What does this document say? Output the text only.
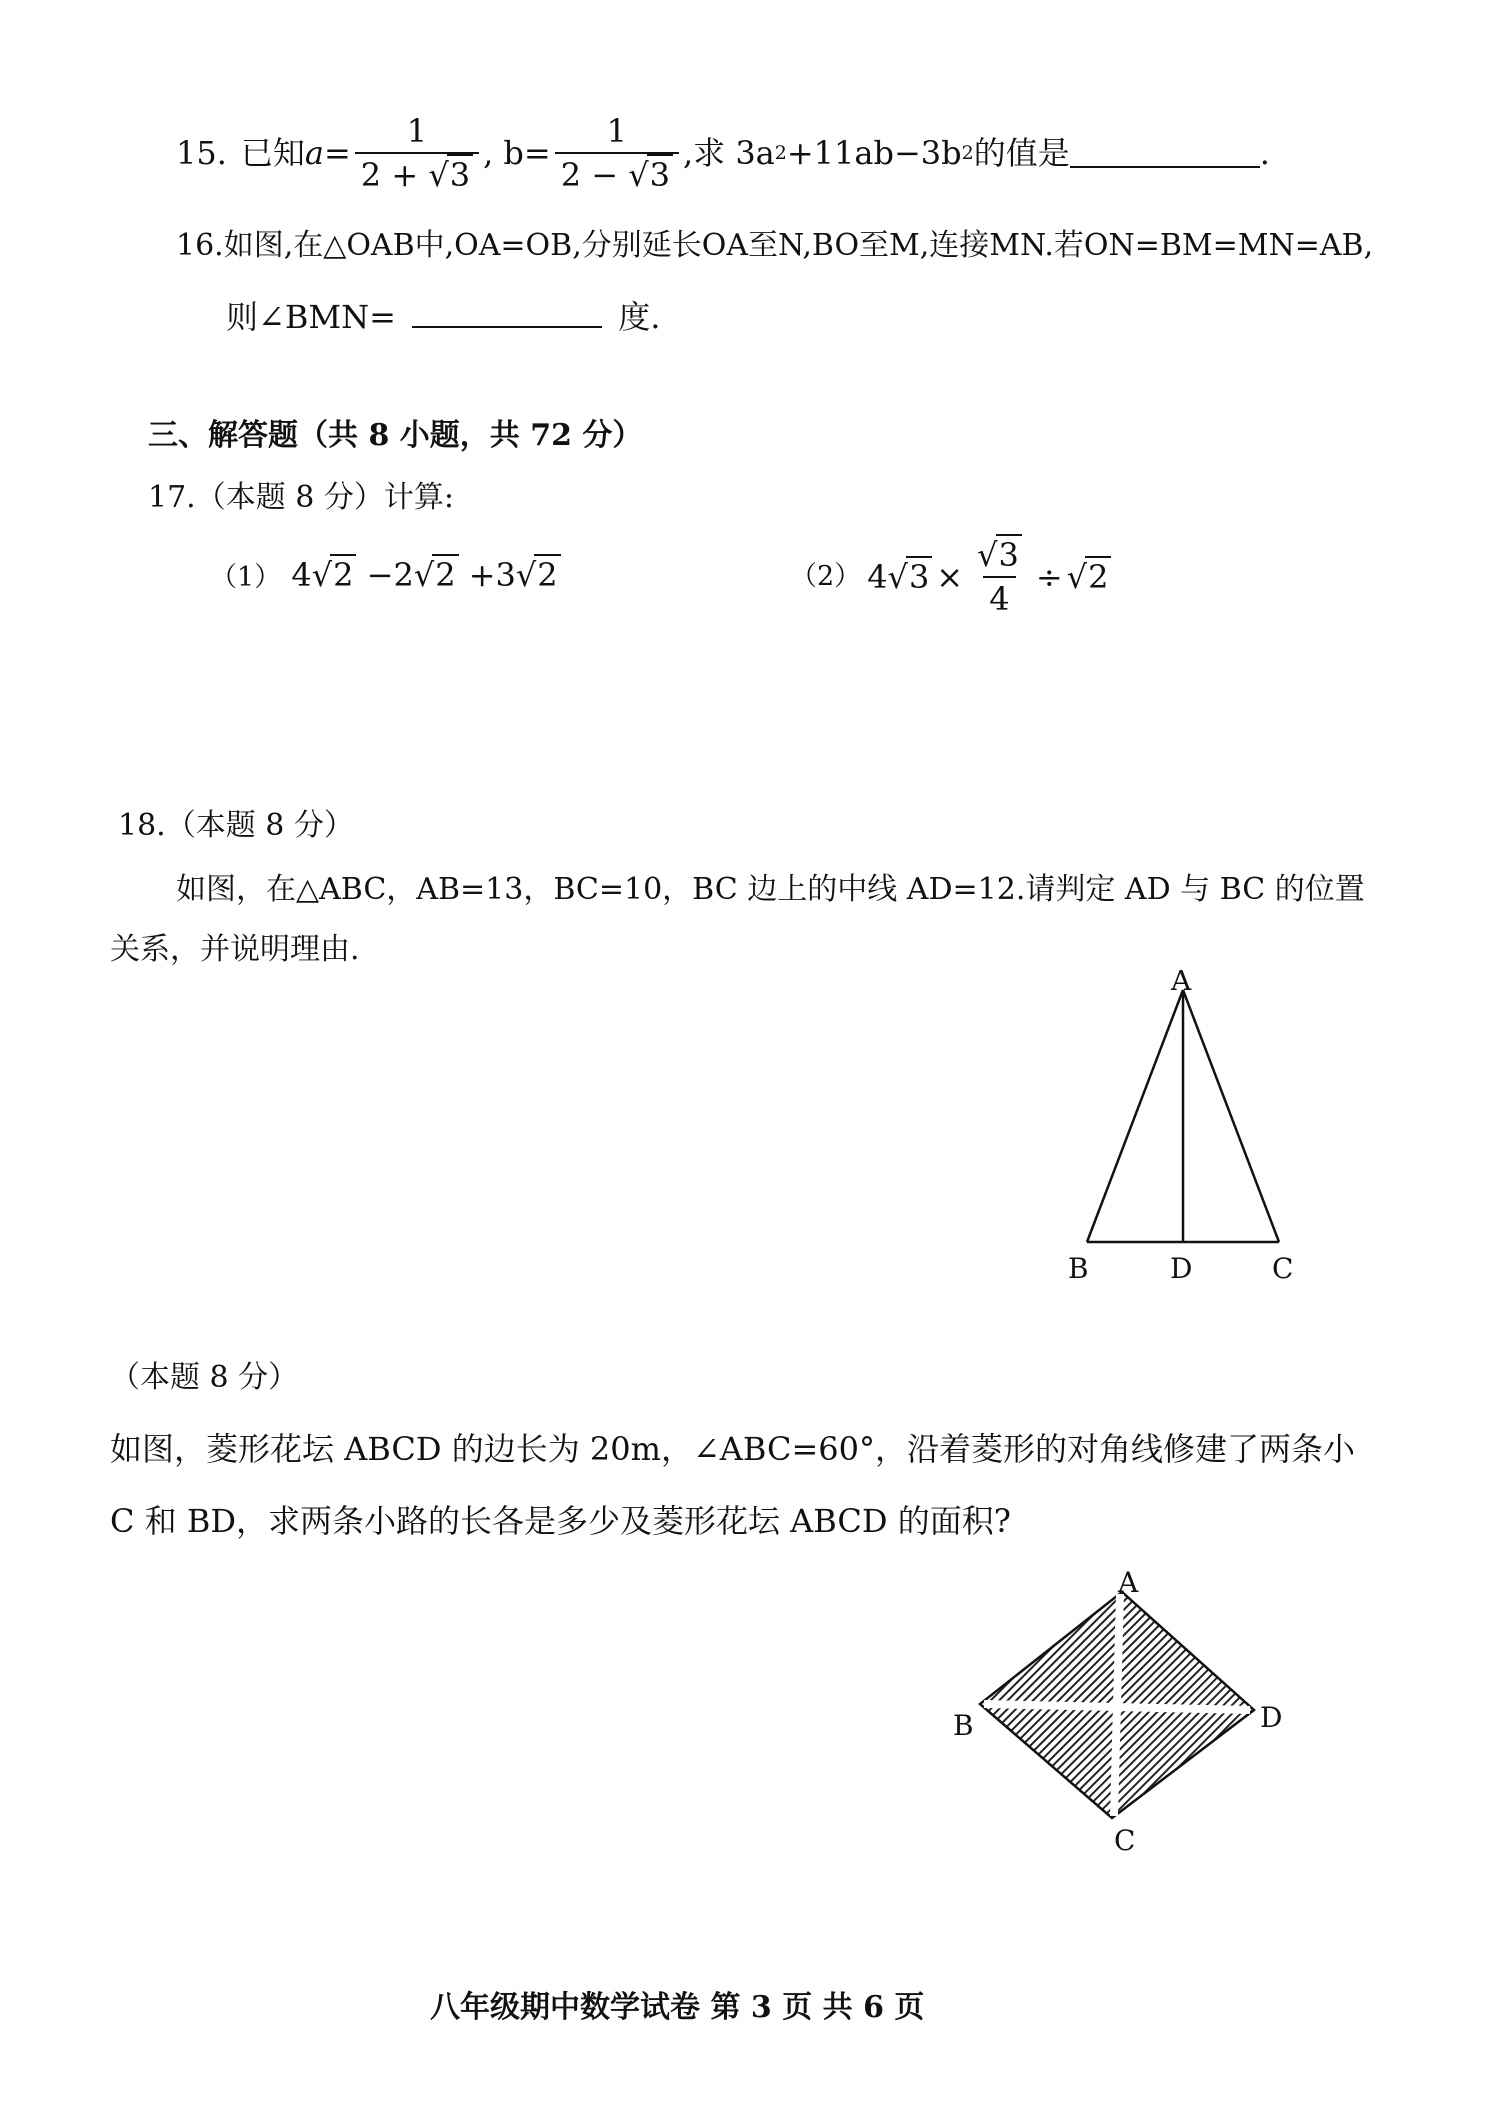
15. 已知 $a= \frac{1}{2 + √3}$ , $b= \frac{1}{2 - √3}$ ,求 3a 2 +11ab−3b 2 的值是	.
16.如图,在△OAB中,OA=OB,分别延长OA至N,BO至M,连接MN.若ON=BM=MN=AB,
则∠BMN=	度.
三、解答题（共 8 小题，共 72 分）
17.（本题 8 分）计算:
（1） 4√2 −2√2 +3√2	（2） 4 $√3 \times \frac{√3}{4} \div √2$
18.（本题 8 分）
如图，在△ABC，AB=13，BC=10，BC 边上的中线 AD=12.请判定 AD 与 BC 的位置
关系，并说明理由.
A
B	D	C
（本题 8 分）
如图，菱形花坛 ABCD 的边长为 20m，∠ABC=60°，沿着菱形的对角线修建了两条小
C 和 BD，求两条小路的长各是多少及菱形花坛 ABCD 的面积?
A
B	D
C
八年级期中数学试卷 第 3 页 共 6 页
